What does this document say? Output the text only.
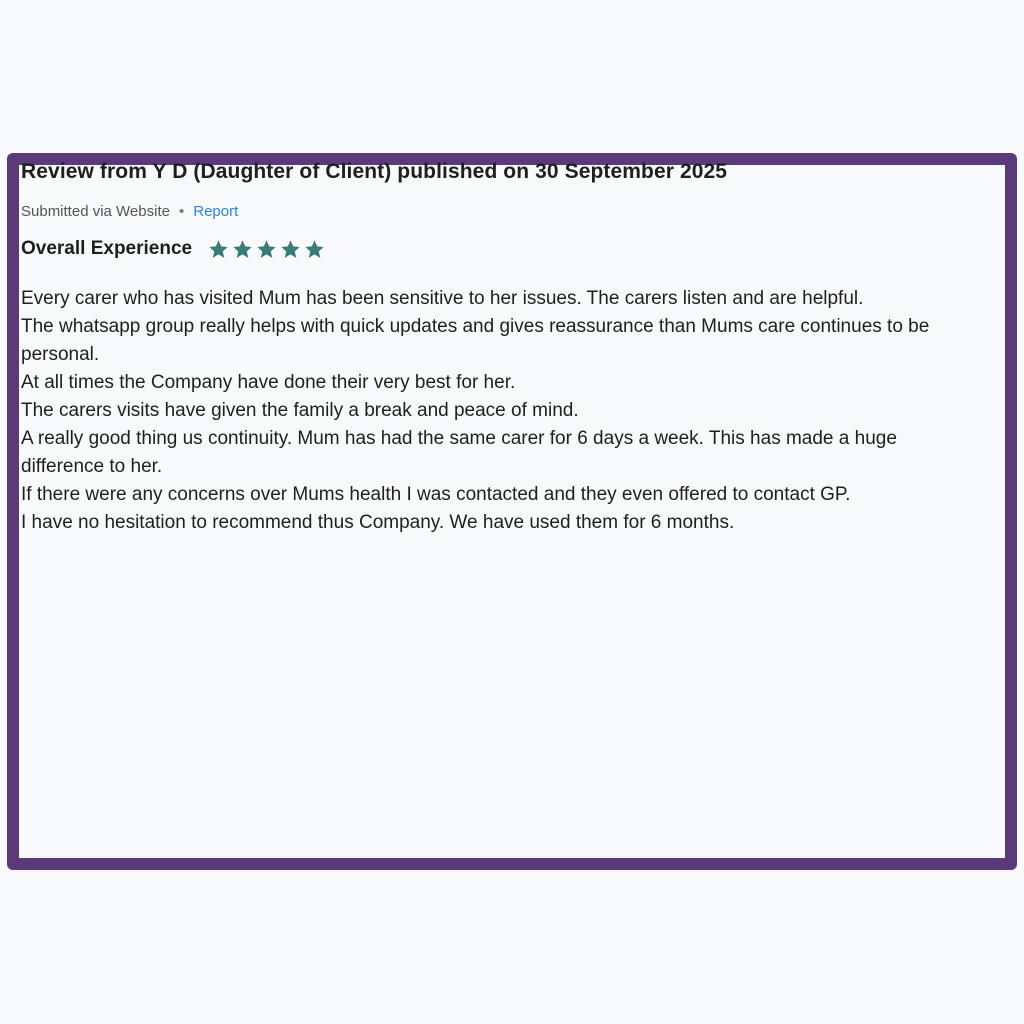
Review from Y D (Daughter of Client) published on 30 September 2025
Submitted via Website • Report
Overall Experience

Every carer who has visited Mum has been sensitive to her issues. The carers listen and are helpful.

The whatsapp group really helps with quick updates and gives reassurance than Mums care continues to be personal.

At all times the Company have done their very best for her.

The carers visits have given the family a break and peace of mind.

A really good thing us continuity. Mum has had the same carer for 6 days a week. This has made a huge difference to her.

If there were any concerns over Mums health I was contacted and they even offered to contact GP.

I have no hesitation to recommend thus Company. We have used them for 6 months.
